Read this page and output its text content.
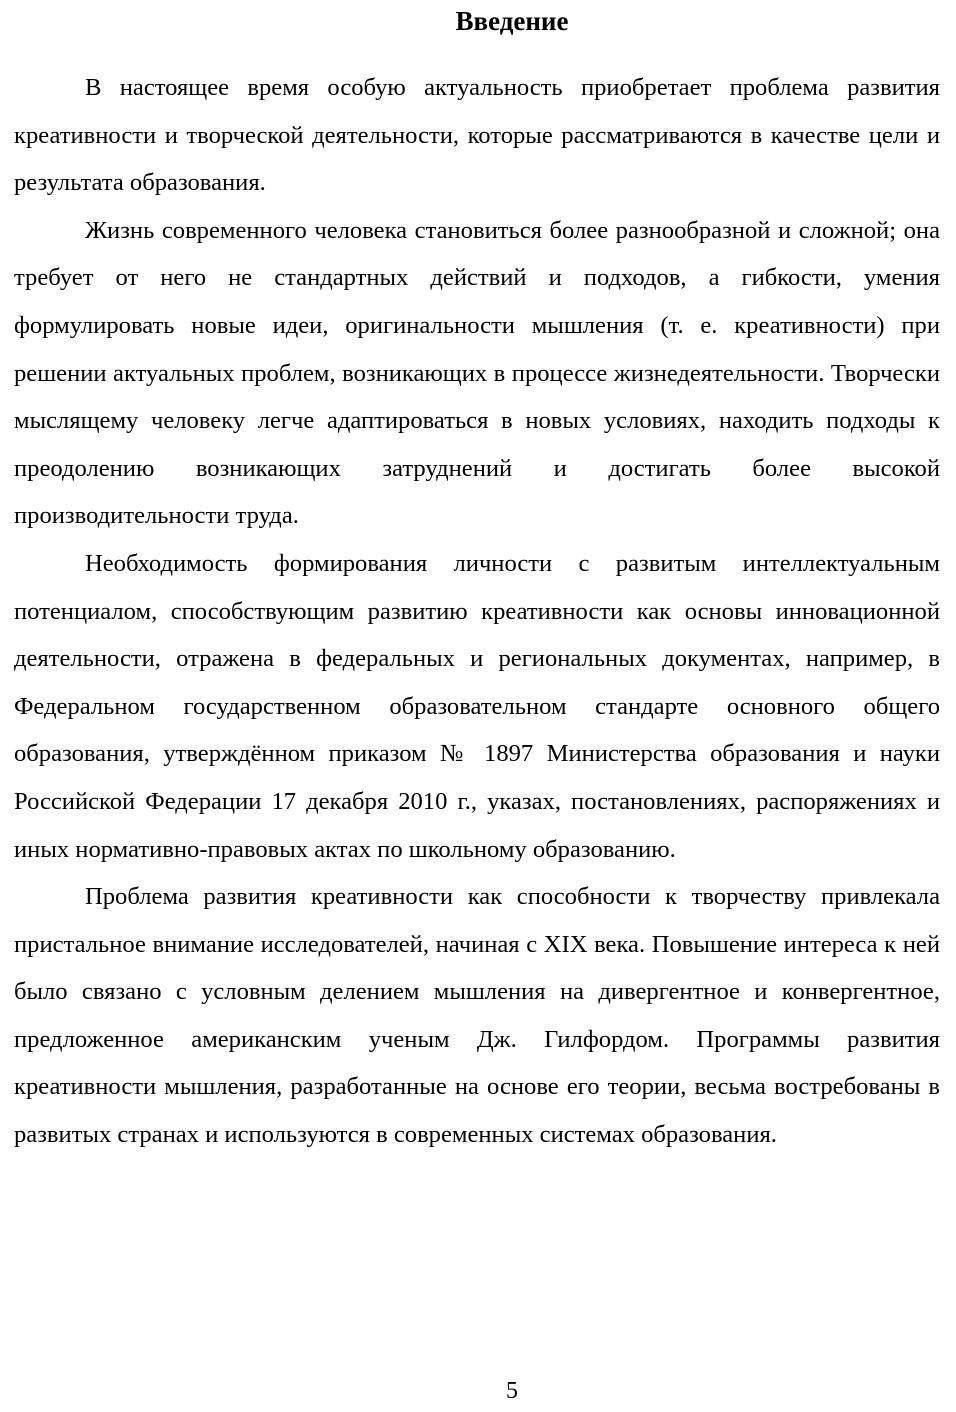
Введение

В настоящее время особую актуальность приобретает проблема развития креативности и творческой деятельности, которые рассматриваются в качестве цели и результата образования.

Жизнь современного человека становиться более разнообразной и сложной; она требует от него не стандартных действий и подходов, а гибкости, умения формулировать новые идеи, оригинальности мышления (т. е. креативности) при решении актуальных проблем, возникающих в процессе жизнедеятельности. Творчески мыслящему человеку легче адаптироваться в новых условиях, находить подходы к преодолению возникающих затруднений и достигать более высокой производительности труда.

Необходимость формирования личности с развитым интеллектуальным потенциалом, способствующим развитию креативности как основы инновационной деятельности, отражена в федеральных и региональных документах, например, в Федеральном государственном образовательном стандарте основного общего образования, утверждённом приказом № 1897 Министерства образования и науки Российской Федерации 17 декабря 2010 г., указах, постановлениях, распоряжениях и иных нормативно-правовых актах по школьному образованию.

Проблема развития креативности как способности к творчеству привлекала пристальное внимание исследователей, начиная с XIX века. Повышение интереса к ней было связано с условным делением мышления на дивергентное и конвергентное, предложенное американским ученым Дж. Гилфордом. Программы развития креативности мышления, разработанные на основе его теории, весьма востребованы в развитых странах и используются в современных системах образования.

5
